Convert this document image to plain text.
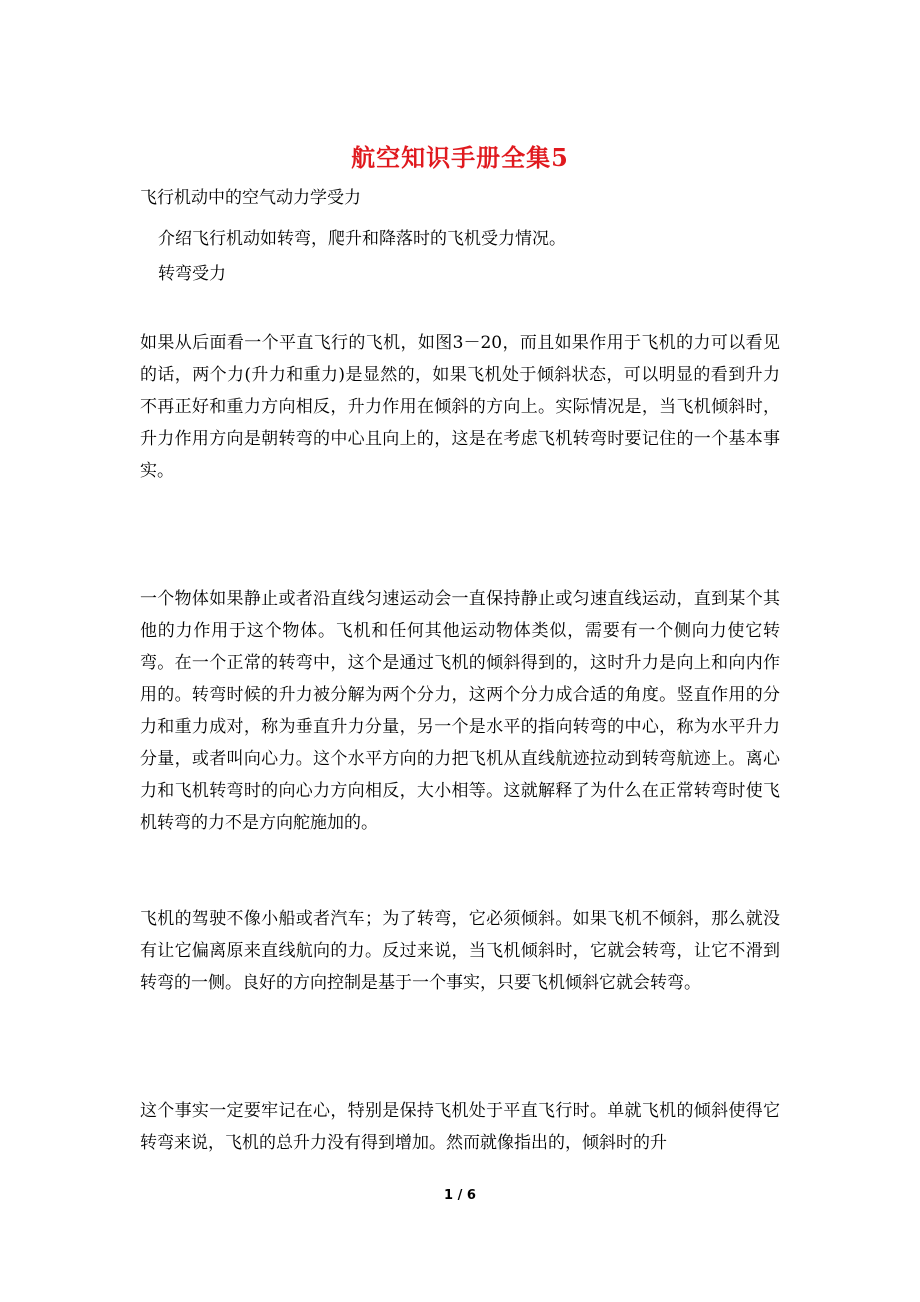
航空知识手册全集5
飞行机动中的空气动力学受力
介绍飞行机动如转弯，爬升和降落时的飞机受力情况。
转弯受力

如果从后面看一个平直飞行的飞机，如图3－20，而且如果作用于飞机的力可以看见的话，两个力(升力和重力)是显然的，如果飞机处于倾斜状态，可以明显的看到升力不再正好和重力方向相反，升力作用在倾斜的方向上。实际情况是，当飞机倾斜时，升力作用方向是朝转弯的中心且向上的，这是在考虑飞机转弯时要记住的一个基本事实。

一个物体如果静止或者沿直线匀速运动会一直保持静止或匀速直线运动，直到某个其他的力作用于这个物体。飞机和任何其他运动物体类似，需要有一个侧向力使它转弯。在一个正常的转弯中，这个是通过飞机的倾斜得到的，这时升力是向上和向内作用的。转弯时候的升力被分解为两个分力，这两个分力成合适的角度。竖直作用的分力和重力成对，称为垂直升力分量，另一个是水平的指向转弯的中心，称为水平升力分量，或者叫向心力。这个水平方向的力把飞机从直线航迹拉动到转弯航迹上。离心力和飞机转弯时的向心力方向相反，大小相等。这就解释了为什么在正常转弯时使飞机转弯的力不是方向舵施加的。

飞机的驾驶不像小船或者汽车；为了转弯，它必须倾斜。如果飞机不倾斜，那么就没有让它偏离原来直线航向的力。反过来说，当飞机倾斜时，它就会转弯，让它不滑到转弯的一侧。良好的方向控制是基于一个事实，只要飞机倾斜它就会转弯。

这个事实一定要牢记在心，特别是保持飞机处于平直飞行时。单就飞机的倾斜使得它转弯来说，飞机的总升力没有得到增加。然而就像指出的，倾斜时的升

1 / 6
